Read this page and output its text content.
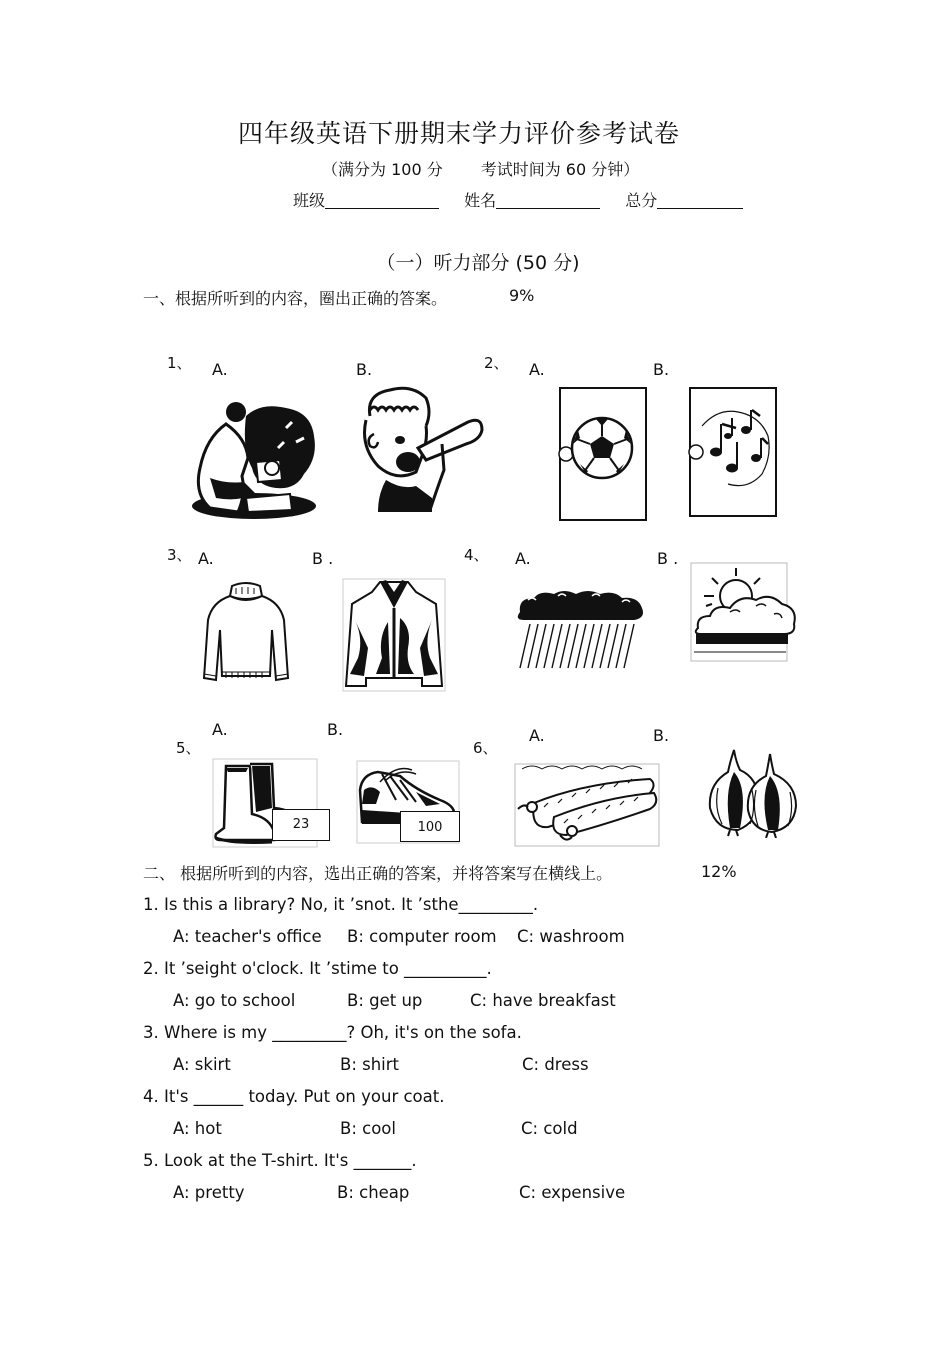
四年级英语下册期末学力评价参考试卷
（满分为 100 分 考试时间为 60 分钟）
班级	姓名	总分
（一）听力部分 (50 分)
一、根据所听到的内容，圈出正确的答案。	9%
1、 A.	B.	2、 A.	B.
3、 A.	B .	4、 A.	B .
A.	B.
5、	6、
A.	B.
23	100
二、 根据所听到的内容，选出正确的答案，并将答案写在横线上。	12%
1. Is this a library? No, it ’snot. It ’sthe_________.
A: teacher's office B: computer room C: washroom
2. It ’seight o'clock. It ’stime to __________.
A: go to school	B: get up	C: have breakfast
3. Where is my _________? Oh, it's on the sofa.
A: skirt	B: shirt	C: dress
4. It's ______ today. Put on your coat.
A: hot	B: cool	C: cold
5. Look at the T-shirt. It's _______.
A: pretty	B: cheap	C: expensive
